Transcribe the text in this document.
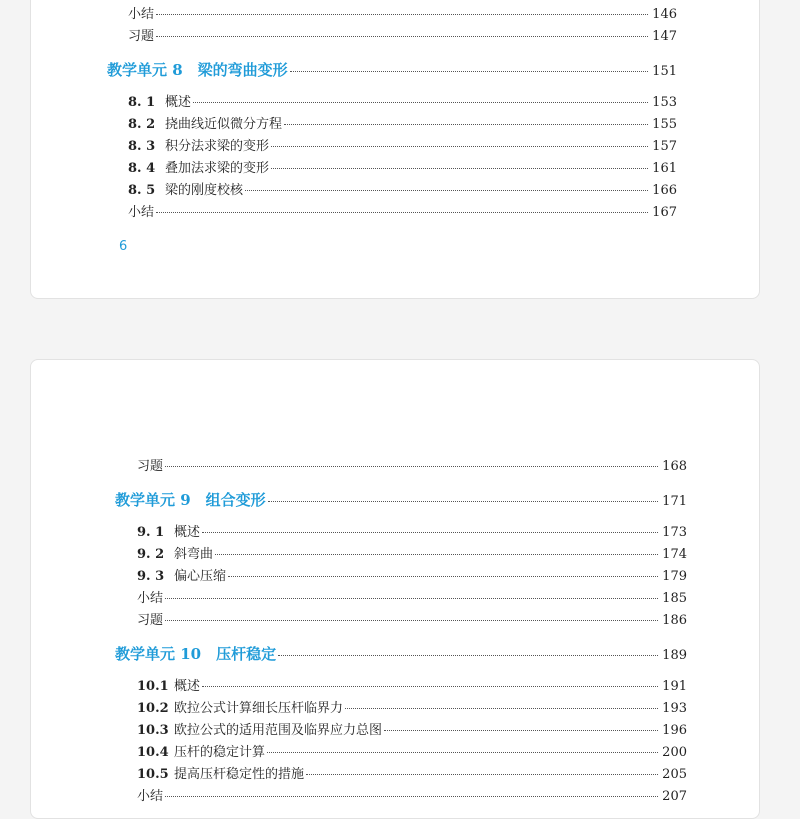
小结	146
习题	147
教学单元 8　梁的弯曲变形	151
8. 1 概述	153
8. 2 挠曲线近似微分方程	155
8. 3 积分法求梁的变形	157
8. 4 叠加法求梁的变形	161
8. 5 梁的刚度校核	166
小结	167
6
习题	168
教学单元 9　组合变形	171
9. 1 概述	173
9. 2 斜弯曲	174
9. 3 偏心压缩	179
小结	185
习题	186
教学单元 10　压杆稳定	189
10.1 概述	191
10.2 欧拉公式计算细长压杆临界力	193
10.3 欧拉公式的适用范围及临界应力总图	196
10.4 压杆的稳定计算	200
10.5 提高压杆稳定性的措施	205
小结	207
